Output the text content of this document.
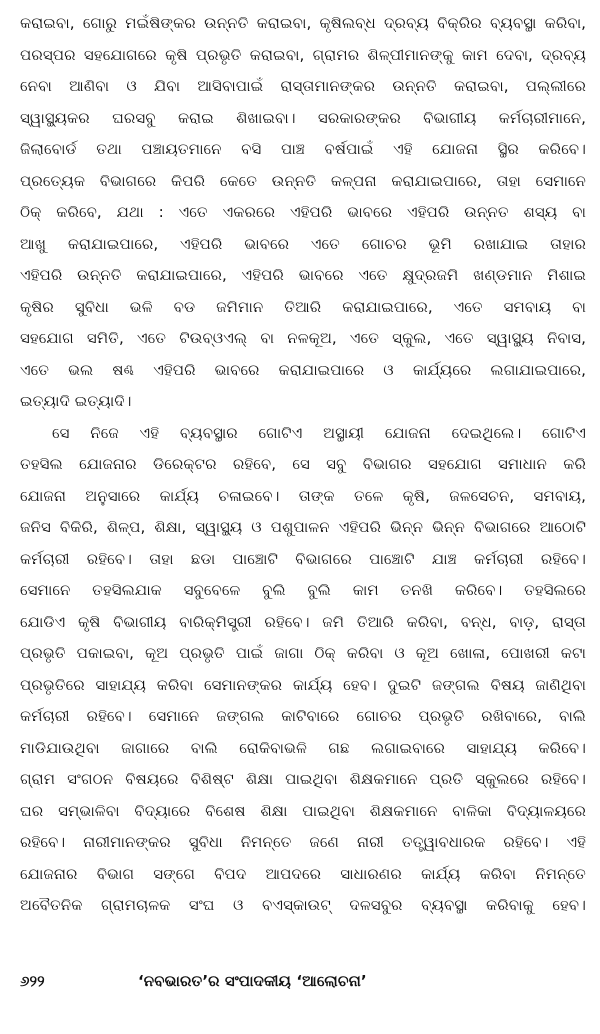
କରାଇବା, ଗୋରୁ ମଇଁଷିଙ୍କର ଉନ୍ନତି କରାଇବା, କୃଷିଲବ୍ଧ ଦ୍ରବ୍ୟ ବିକ୍ରିର ବ୍ୟବସ୍ଥା କରିବା,
ପରସ୍ପର ସହଯୋଗରେ କୃଷି ପ୍ରଭୃତି କରାଇବା, ଗ୍ରାମର ଶିଳ୍ପୀମାନଙ୍କୁ କାମ ଦେବା, ଦ୍ରବ୍ୟ
ନେବା ଆଣିବା ଓ ଯିବା ଆସିବାପାଇଁ ରାସ୍ତାମାନଙ୍କର ଉନ୍ନତି କରାଇବା, ପଲ୍ଲୀରେ
ସ୍ୱାସ୍ଥ୍ୟକର ଘରସବୁ କରାଇ ଶିଖାଇବା। ସରକାରଙ୍କର ବିଭାଗୀୟ କର୍ମଚାରୀମାନେ,
ଜିଲାବୋର୍ଡ ତଥା ପଞ୍ଚାୟତମାନେ ବସି ପାଞ୍ଚ ବର୍ଷପାଇଁ ଏହି ଯୋଜନା ସ୍ଥିର କରିବେ।
ପ୍ରତ୍ୟେକ ବିଭାଗରେ କିପରି କେତେ ଉନ୍ନତି କଳ୍ପନା କରାଯାଇପାରେ, ତାହା ସେମାନେ
ଠିକ୍ କରିବେ, ଯଥା : ଏତେ ଏକରରେ ଏହିପରି ଭାବରେ ଏହିପରି ଉନ୍ନତ ଶସ୍ୟ ବା
ଆଖୁ କରାଯାଇପାରେ, ଏହିପରି ଭାବରେ ଏତେ ଗୋଚର ଭୂମି ରଖାଯାଇ ତାହାର
ଏହିପରି ଉନ୍ନତି କରାଯାଇପାରେ, ଏହିପରି ଭାବରେ ଏତେ କ୍ଷୁଦ୍ରଜମି ଖଣ୍ଡମାନ ମିଶାଇ
କୃଷିର ସୁବିଧା ଭଳି ବଡ ଜମିମାନ ତିଆରି କରାଯାଇପାରେ, ଏତେ ସମବାୟ ବା
ସହଯୋଗ ସମିତି, ଏତେ ଟିଉବ୍‌ଓଏଲ୍ ବା ନଳକୂଅ, ଏତେ ସ୍କୁଲ, ଏତେ ସ୍ୱାସ୍ଥ୍ୟ ନିବାସ,
ଏତେ ଭଲ ଷଣ୍ଢ ଏହିପରି ଭାବରେ କରାଯାଇପାରେ ଓ କାର୍ଯ୍ୟରେ ଲଗାଯାଇପାରେ,
ଇତ୍ୟାଦି ଇତ୍ୟାଦି।
ସେ ନିଜେ ଏହି ବ୍ୟବସ୍ଥାର ଗୋଟିଏ ଅସ୍ଥାୟୀ ଯୋଜନା ଦେଇଥିଲେ। ଗୋଟିଏ
ତହସିଲ ଯୋଜନାର ଡିରେକ୍ଟର ରହିବେ, ସେ ସବୁ ବିଭାଗର ସହଯୋଗ ସମାଧାନ କରି
ଯୋଜନା ଅନୁସାରେ କାର୍ଯ୍ୟ ଚଳାଇବେ। ତାଙ୍କ ତଳେ କୃଷି, ଜଳସେଚନ, ସମବାୟ,
ଜନିସ ବିକିରି, ଶିଳ୍ପ, ଶିକ୍ଷା, ସ୍ୱାସ୍ଥ୍ୟ ଓ ପଶୁପାଳନ ଏହିପରି ଭିନ୍ନ ଭିନ୍ନ ବିଭାଗରେ ଆଠୋଟି
କର୍ମଚାରୀ ରହିବେ। ତାହା ଛଡା ପାଞ୍ଚୋଟି ବିଭାଗରେ ପାଞ୍ଚୋଟି ଯାଞ୍ଚ କର୍ମଚାରୀ ରହିବେ।
ସେମାନେ ତହସିଲଯାକ ସବୁବେଳେ ବୁଲି ବୁଲି କାମ ତନଖି କରିବେ। ତହସିଲରେ
ଯୋଡିଏ କୃଷି ବିଭାଗୀୟ ବାରିକ୍‌ମିସ୍ତ୍ରୀ ରହିବେ। ଜମି ତିଆରି କରିବା, ବନ୍ଧ, ବାଡ଼, ରାସ୍ତା
ପ୍ରଭୃତି ପକାଇବା, କୂଅ ପ୍ରଭୃତି ପାଇଁ ଜାଗା ଠିକ୍ କରିବା ଓ କୂଅ ଖୋଳା, ପୋଖରୀ କଟା
ପ୍ରଭୃତିରେ ସାହାଯ୍ୟ କରିବା ସେମାନଙ୍କର କାର୍ଯ୍ୟ ହେବ। ଦୁଇଟି ଜଙ୍ଗଲ ବିଷୟ ଜାଣିଥିବା
କର୍ମଚାରୀ ରହିବେ। ସେମାନେ ଜଙ୍ଗଲ କାଟିବାରେ ଗୋଚର ପ୍ରଭୃତି ରଖିବାରେ, ବାଲି
ମାଡିଯାଉଥିବା ଜାଗାରେ ବାଲି ରୋକିବାଭଳି ଗଛ ଲଗାଇବାରେ ସାହାଯ୍ୟ କରିବେ।
ଗ୍ରାମ ସଂଗଠନ ବିଷୟରେ ବିଶିଷ୍ଟ ଶିକ୍ଷା ପାଇଥିବା ଶିକ୍ଷକମାନେ ପ୍ରତି ସ୍କୁଲରେ ରହିବେ।
ଘର ସମ୍ଭାଳିବା ବିଦ୍ୟାରେ ବିଶେଷ ଶିକ୍ଷା ପାଇଥିବା ଶିକ୍ଷକମାନେ ବାଳିକା ବିଦ୍ୟାଳୟରେ
ରହିବେ। ନାରୀମାନଙ୍କର ସୁବିଧା ନିମନ୍ତେ ଜଣେ ନାରୀ ତତ୍ତ୍ୱାବଧାରକ ରହିବେ। ଏହି
ଯୋଜନାର ବିଭାଗ ସଙ୍ଗେ ବିପଦ ଆପଦରେ ସାଧାରଣର କାର୍ଯ୍ୟ କରିବା ନିମନ୍ତେ
ଅବୈତନିକ ଗ୍ରାମଚାଳକ ସଂଘ ଓ ବଏସ୍କାଉଟ୍ ଦଳସବୁର ବ୍ୟବସ୍ଥା କରିବାକୁ ହେବ।
୬୨୨	‘ନବଭାରତ’ର ସଂପାଦକୀୟ ‘ଆଲୋଚନା’
